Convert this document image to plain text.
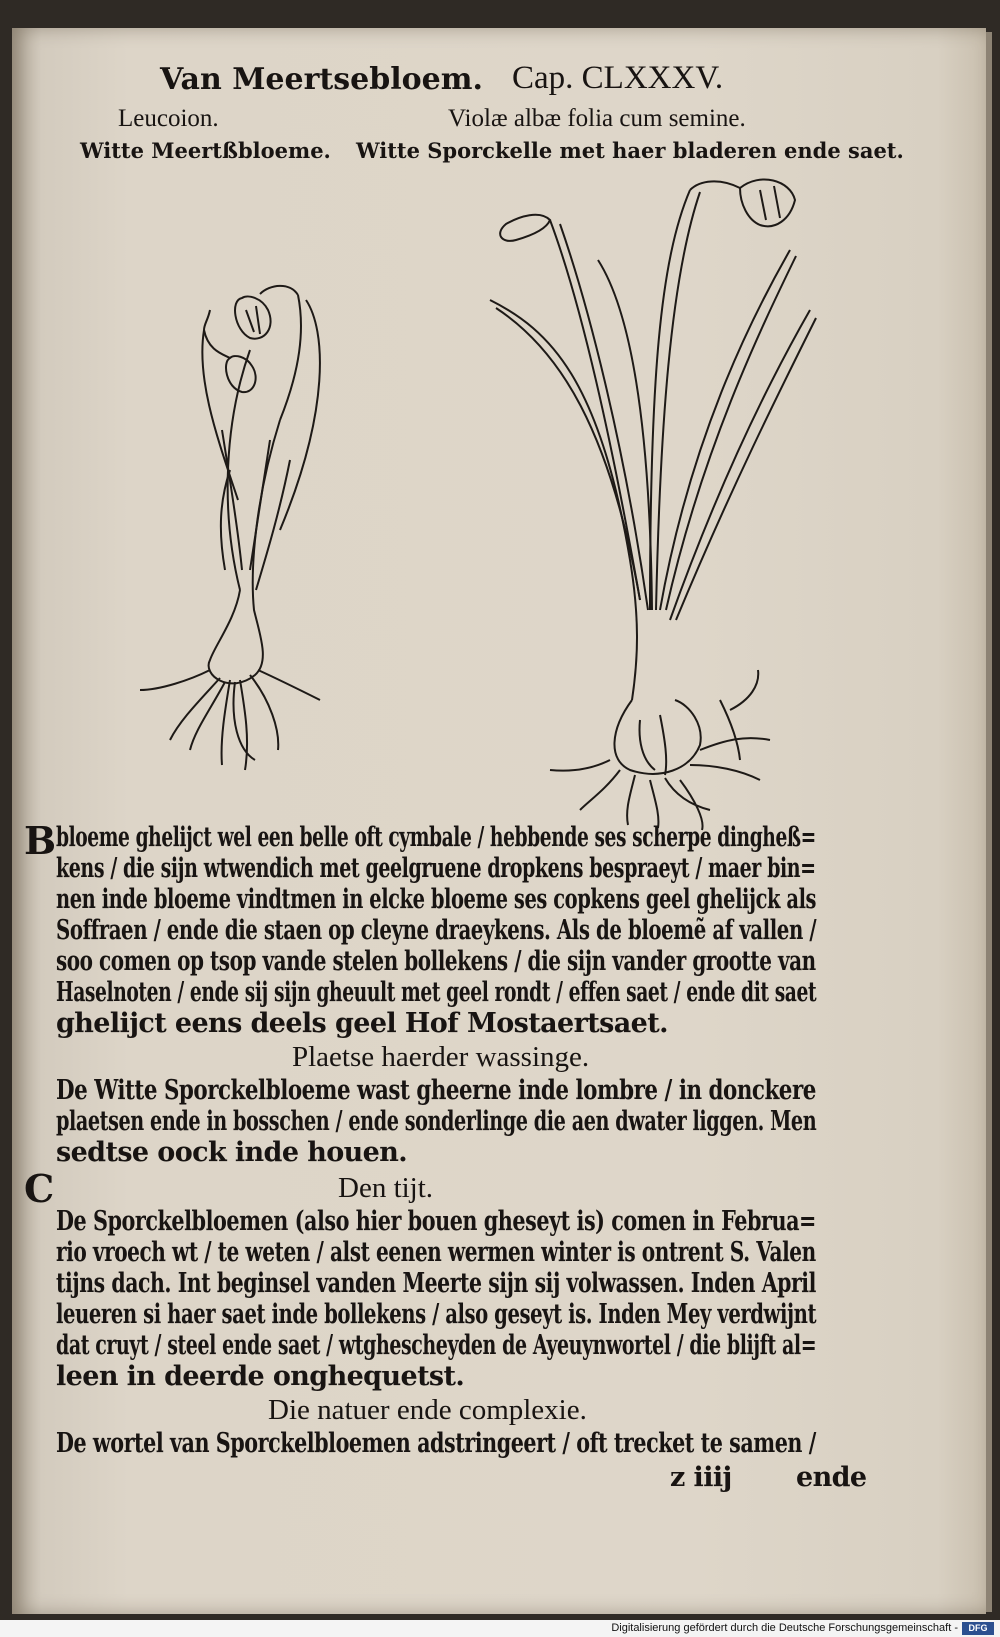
Van Meertsebloem. Cap. CLXXXV.
Leucoion.	Violæ albæ folia cum semine.
Witte Meertßbloeme. Witte Sporckelle met haer bladeren ende saet.
B bloeme ghelijct wel een belle oft cymbale / hebbende ses scherpe dingheß=
kens / die sijn wtwendich met geelgruene dropkens bespraeyt / maer bin=
nen inde bloeme vindtmen in elcke bloeme ses copkens geel ghelijck als
Soffraen / ende die staen op cleyne draeykens. Als de bloemẽ af vallen /
soo comen op tsop vande stelen bollekens / die sijn vander grootte van
Haselnoten / ende sij sijn gheuult met geel rondt / effen saet / ende dit saet
ghelijct eens deels geel Hof Mostaertsaet.
Plaetse haerder wassinge.
De Witte Sporckelbloeme wast gheerne inde lombre / in donckere
plaetsen ende in bosschen / ende sonderlinge die aen dwater liggen. Men
sedtse oock inde houen.
C	Den tijt.
De Sporckelbloemen (also hier bouen gheseyt is) comen in Februa=
rio vroech wt / te weten / alst eenen wermen winter is ontrent S. Valen
tijns dach. Int beginsel vanden Meerte sijn sij volwassen. Inden April
leueren si haer saet inde bollekens / also geseyt is. Inden Mey verdwijnt
dat cruyt / steel ende saet / wtgheschеyden de Ayeuynwortel / die blijft al=
leen in deerde onghequetst.
Die natuer ende complexie.
De wortel van Sporckelbloemen adstringeert / oft trecket te samen /
z iiij ende
Digitalisierung gefördert durch die Deutsche Forschungsgemeinschaft -	DFG
